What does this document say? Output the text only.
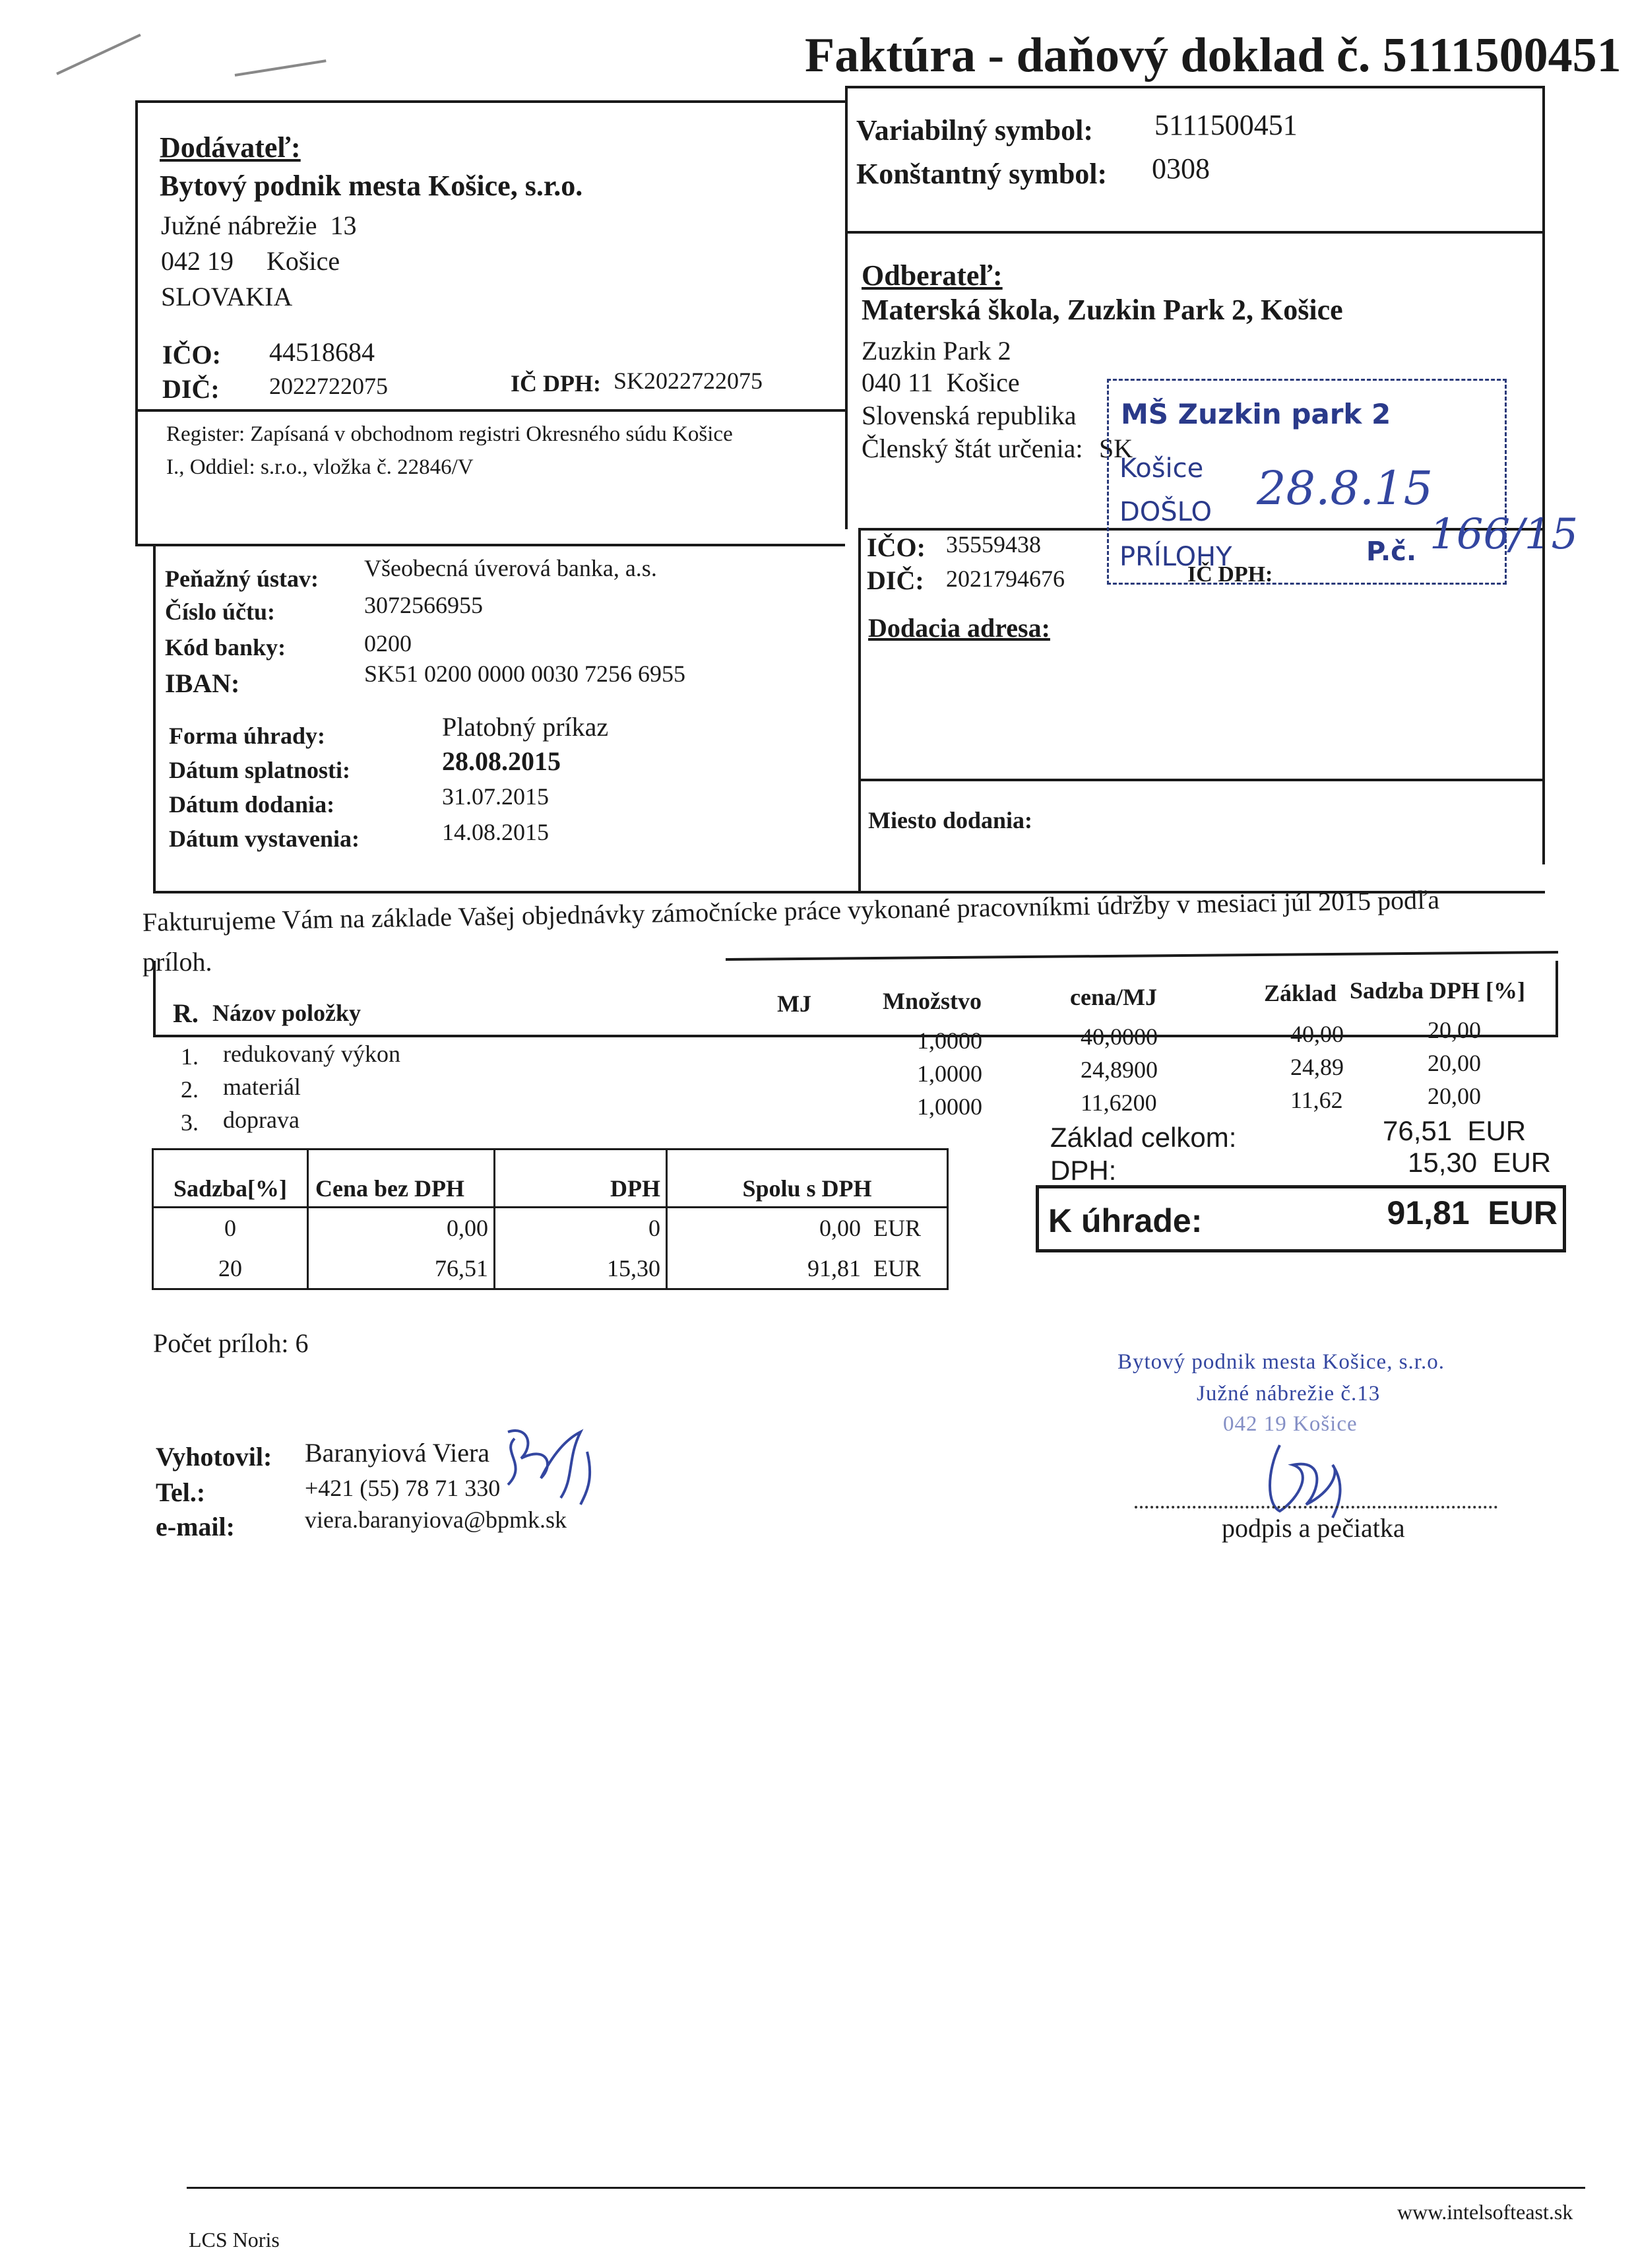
Faktúra - daňový doklad č. 5111500451
Dodávateľ:
Bytový podnik mesta Košice, s.r.o.
Južné nábrežie  13
042 19     Košice
SLOVAKIA
IČO: 44518684
DIČ: 2022722075	IČ DPH: SK2022722075
Register: Zapísaná v obchodnom registri Okresného súdu Košice
I., Oddiel: s.r.o., vložka č. 22846/V
Variabilný symbol: 5111500451
Konštantný symbol: 0308
Odberateľ:
Materská škola, Zuzkin Park 2, Košice
Zuzkin Park 2
040 11  Košice
Slovenská republika
Členský štát určenia: SK
IČO: 35559438
DIČ: 2021794676	IČ DPH:
Dodacia adresa:
Miesto dodania:
MŠ Zuzkin park 2
Košice
DOŠLO 28.8.15
PRÍLOHY	P.č. 166/15
Peňažný ústav: Všeobecná úverová banka, a.s.
Číslo účtu:	3072566955
Kód banky:	0200
IBAN:	SK51 0200 0000 0030 7256 6955
Forma úhrady:	Platobný príkaz
Dátum splatnosti:	28.08.2015
Dátum dodania:	31.07.2015
Dátum vystavenia:	14.08.2015
Fakturujeme Vám na základe Vašej objednávky zámočnícke práce vykonané pracovníkmi údržby v mesiaci júl 2015 podľa
príloh.
R. Názov položky	MJ	Množstvo	cena/MJ	Základ Sadzba DPH [%]
1. redukovaný výkon	1,0000	40,0000	40,00	20,00
2. materiál	1,0000	24,8900	24,89	20,00
3. doprava	1,0000	11,6200	11,62	20,00
Základ celkom:	76,51  EUR
DPH:	15,30  EUR
K úhrade:	91,81  EUR
Sadzba[%]	Cena bez DPH	DPH	Spolu s DPH	
0	0,00	0	0,00	EUR
20	76,51	15,30	91,81	EUR
Počet príloh: 6
Vyhotovil: Baranyiová Viera
Tel.:	+421 (55) 78 71 330
e-mail:	viera.baranyiova@bpmk.sk
Bytový podnik mesta Košice, s.r.o.
Južné nábrežie č.13
042 19 Košice
podpis a pečiatka
LCS Noris
www.intelsofteast.sk
